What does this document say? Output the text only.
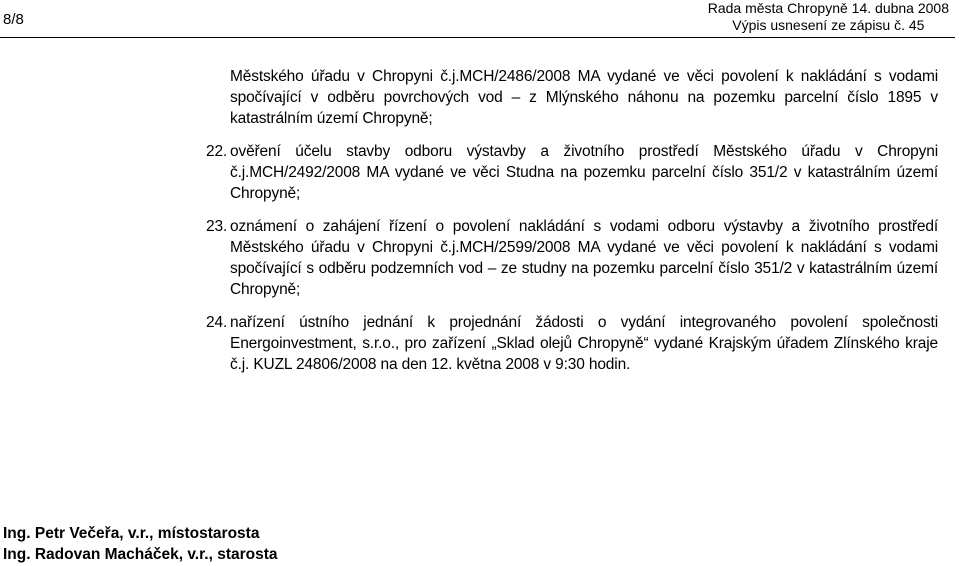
8/8
Rada města Chropyně 14. dubna 2008
Výpis usnesení ze zápisu č. 45

Městského úřadu v Chropyni č.j.MCH/2486/2008 MA vydané ve věci povolení k nakládání s vodami spočívající v odběru povrchových vod – z Mlýnského náhonu na pozemku parcelní číslo 1895 v katastrálním území Chropyně;

22. ověření účelu stavby odboru výstavby a životního prostředí Městského úřadu v Chropyni č.j.MCH/2492/2008 MA vydané ve věci Studna na pozemku parcelní číslo 351/2 v katastrálním území Chropyně;
23. oznámení o zahájení řízení o povolení nakládání s vodami odboru výstavby a životního prostředí Městského úřadu v Chropyni č.j.MCH/2599/2008 MA vydané ve věci povolení k nakládání s vodami spočívající s odběru podzemních vod – ze studny na pozemku parcelní číslo 351/2 v katastrálním území Chropyně;
24. nařízení ústního jednání k projednání žádosti o vydání integrovaného povolení společnosti Energoinvestment, s.r.o., pro zařízení „Sklad olejů Chropyně“ vydané Krajským úřadem Zlínského kraje č.j. KUZL 24806/2008 na den 12. května 2008 v 9:30 hodin.
Ing. Petr Večeřa, v.r., místostarosta
Ing. Radovan Macháček, v.r., starosta
